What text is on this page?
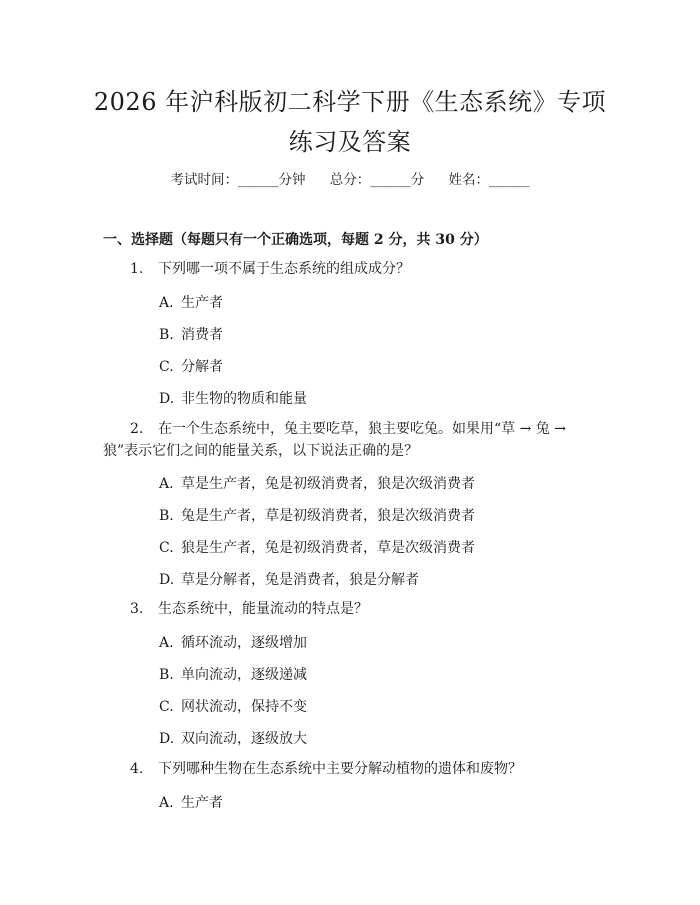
2026 年沪科版初二科学下册《生态系统》专项练习及答案
考试时间：______分钟 总分：______分 姓名：______
一、选择题（每题只有一个正确选项，每题 2 分，共 30 分）
1. 下列哪一项不属于生态系统的组成成分？
A. 生产者
B. 消费者
C. 分解者
D. 非生物的物质和能量
2. 在一个生态系统中，兔主要吃草，狼主要吃兔。如果用“草 → 兔 → 狼”表示它们之间的能量关系，以下说法正确的是？
A. 草是生产者，兔是初级消费者，狼是次级消费者
B. 兔是生产者，草是初级消费者，狼是次级消费者
C. 狼是生产者，兔是初级消费者，草是次级消费者
D. 草是分解者，兔是消费者，狼是分解者
3. 生态系统中，能量流动的特点是？
A. 循环流动，逐级增加
B. 单向流动，逐级递减
C. 网状流动，保持不变
D. 双向流动，逐级放大
4. 下列哪种生物在生态系统中主要分解动植物的遗体和废物？
A. 生产者
